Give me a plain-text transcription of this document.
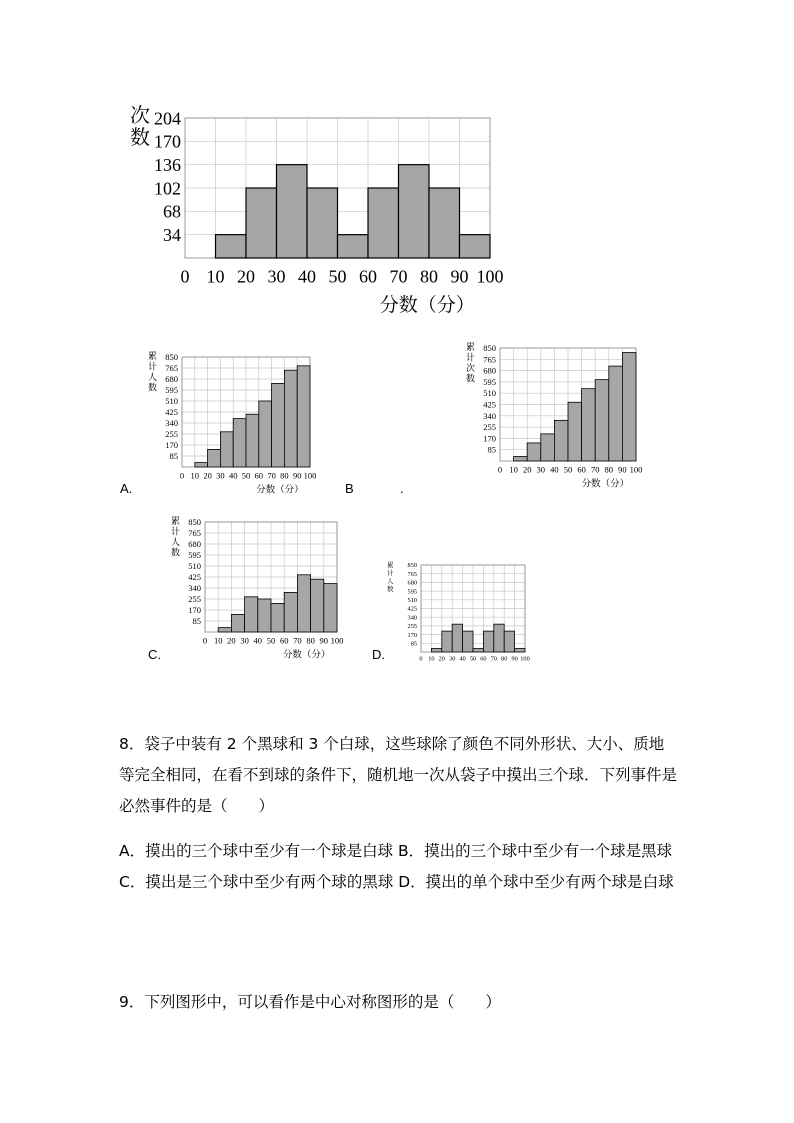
34
68
102
136
170
204
0 10 20 30 40 50 60 70 80 90 100
次
数
分数（分）
85
170
255
340
425
510
595
680
765
850
0 10 20 30 40 50 60 70 80 90 100
累
计
人
数
分数（分）
85
170
255
340
425
510
595
680
765
850
0 10 20 30 40 50 60 70 80 90 100
累
计
次
数
分数（分）
85
170
255
340
425
510
595
680
765
850
0 10 20 30 40 50 60 70 80 90 100
累
计
人
数
分数（分）
85
170
255
340
425
510
595
680
765
850
0 10 20 30 40 50 60 70 80 90 100
累
计
人
数
A.	B	.
C.	D.
8．袋子中装有 2 个黑球和 3 个白球，这些球除了颜色不同外形状、大小、质地等完全相同，在看不到球的条件下，随机地一次从袋子中摸出三个球．下列事件是必然事件的是（　　）
A．摸出的三个球中至少有一个球是白球 B．摸出的三个球中至少有一个球是黑球 C．摸出是三个球中至少有两个球的黑球 D．摸出的单个球中至少有两个球是白球
9．下列图形中，可以看作是中心对称图形的是（　　）
